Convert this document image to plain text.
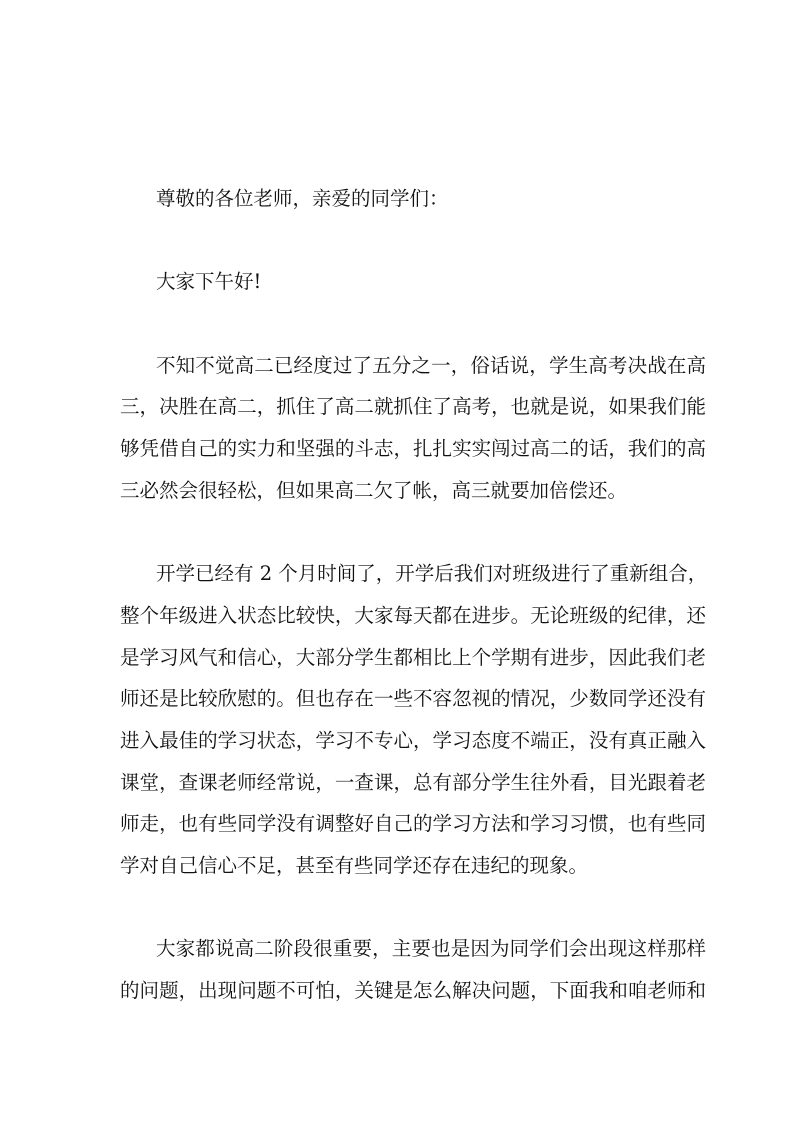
尊敬的各位老师，亲爱的同学们：
大家下午好!
不知不觉高二已经度过了五分之一，俗话说，学生高考决战在高
三，决胜在高二，抓住了高二就抓住了高考，也就是说，如果我们能
够凭借自己的实力和坚强的斗志，扎扎实实闯过高二的话，我们的高
三必然会很轻松，但如果高二欠了帐，高三就要加倍偿还。
开学已经有 2 个月时间了，开学后我们对班级进行了重新组合，
整个年级进入状态比较快，大家每天都在进步。无论班级的纪律，还
是学习风气和信心，大部分学生都相比上个学期有进步，因此我们老
师还是比较欣慰的。但也存在一些不容忽视的情况，少数同学还没有
进入最佳的学习状态，学习不专心，学习态度不端正，没有真正融入
课堂，查课老师经常说，一查课，总有部分学生往外看，目光跟着老
师走，也有些同学没有调整好自己的学习方法和学习习惯，也有些同
学对自己信心不足，甚至有些同学还存在违纪的现象。
大家都说高二阶段很重要，主要也是因为同学们会出现这样那样
的问题，出现问题不可怕，关键是怎么解决问题，下面我和咱老师和
